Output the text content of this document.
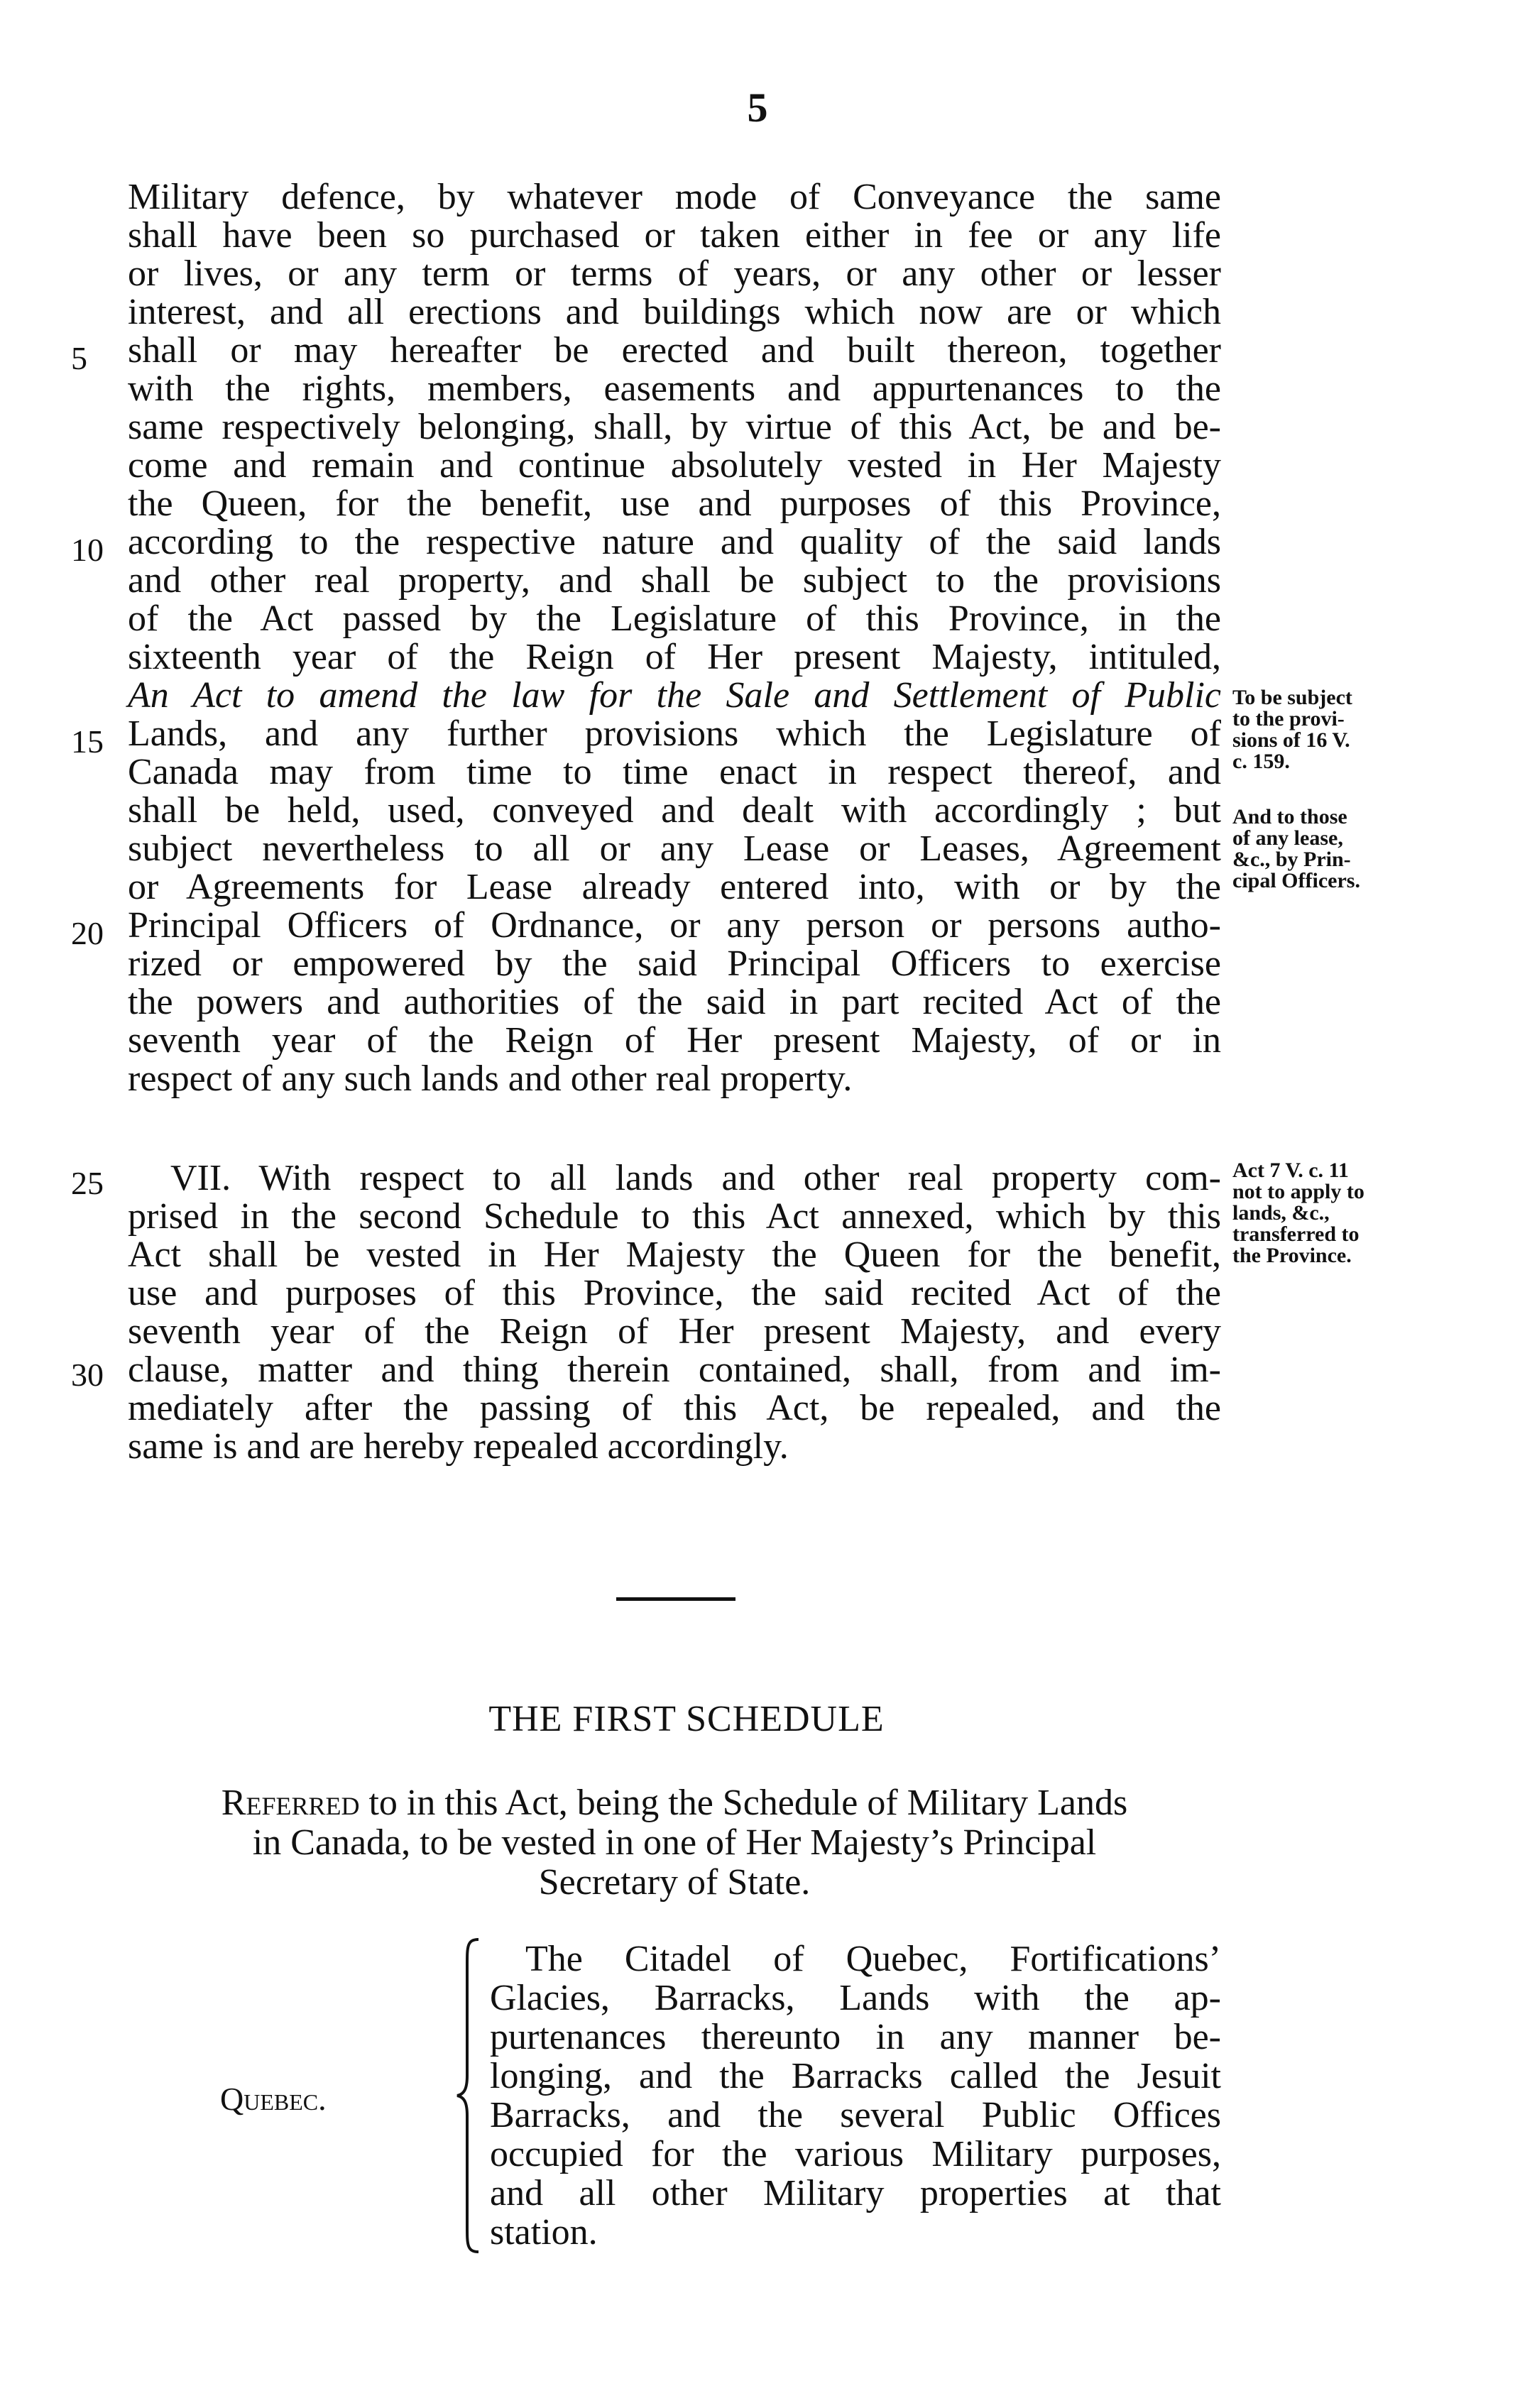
5
Military defence, by whatever mode of Conveyance the same
shall have been so purchased or taken either in fee or any life
or lives, or any term or terms of years, or any other or lesser
interest, and all erections and buildings which now are or which
shall or may hereafter be erected and built thereon, together
with the rights, members, easements and appurtenances to the
same respectively belonging, shall, by virtue of this Act, be and be-
come and remain and continue absolutely vested in Her Majesty
the Queen, for the benefit, use and purposes of this Province,
according to the respective nature and quality of the said lands
and other real property, and shall be subject to the provisions
of the Act passed by the Legislature of this Province, in the
sixteenth year of the Reign of Her present Majesty, intituled,
An Act to amend the law for the Sale and Settlement of Public
Lands, and any further provisions which the Legislature of
Canada may from time to time enact in respect thereof, and
shall be held, used, conveyed and dealt with accordingly ; but
subject nevertheless to all or any Lease or Leases, Agreement
or Agreements for Lease already entered into, with or by the
Principal Officers of Ordnance, or any person or persons autho-
rized or empowered by the said Principal Officers to exercise
the powers and authorities of the said in part recited Act of the
seventh year of the Reign of Her present Majesty, of or in
respect of any such lands and other real property.
VII. With respect to all lands and other real property com-
prised in the second Schedule to this Act annexed, which by this
Act shall be vested in Her Majesty the Queen for the benefit,
use and purposes of this Province, the said recited Act of the
seventh year of the Reign of Her present Majesty, and every
clause, matter and thing therein contained, shall, from and im-
mediately after the passing of this Act, be repealed, and the
same is and are hereby repealed accordingly.
5
10
15
20
25
30
To be subject
to the provi-
sions of 16 V.
c. 159.
And to those
of any lease,
&c., by Prin-
cipal Officers.
Act 7 V. c. 11
not to apply to
lands, &c.,
transferred to
the Province.
THE FIRST SCHEDULE
Referred to in this Act, being the Schedule of Military Lands
in Canada, to be vested in one of Her Majesty’s Principal
Secretary of State.
Quebec.
The Citadel of Quebec, Fortifications’
Glacies, Barracks, Lands with the ap-
purtenances thereunto in any manner be-
longing, and the Barracks called the Jesuit
Barracks, and the several Public Offices
occupied for the various Military purposes,
and all other Military properties at that
station.
